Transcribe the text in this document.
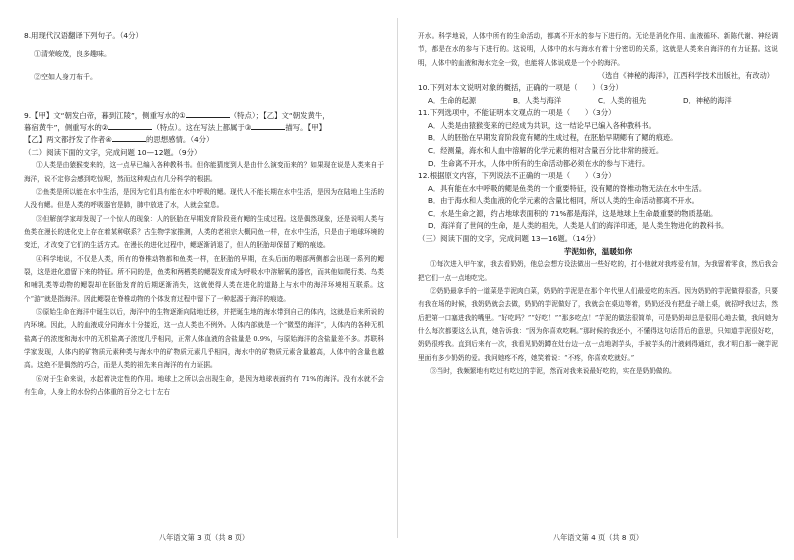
8.用现代汉语翻译下列句子。（4分）

①清荣峻茂，良多趣味。

②空如人身刀布千。

9.【甲】文“朝发白帝，暮到江陵”，侧重写水的①	（特点）；【乙】文“朝发黄牛，

暮宿黄牛”，侧重写水的②	（特点）。这在写法上都属于③	描写。【甲】

【乙】两文都抒发了作者④	的思想感情。（4分）

（二）阅读下面的文字，完成问题 10—12题。（9分）

①人类是由猿猴变来的，这一点早已编入各种教科书。但你能猜度到人是由什么演变而来的？如果现在说是人类来自于海洋，说不定你会感到吃惊呢，然而这种观点有几分科学的根据。

②鱼类是所以能在水中生活，是因为它们具有能在水中呼吸的鳃。现代人不能长期在水中生活，是因为在陆地上生活的人没有鳃。但是人类的呼吸器官是肺，肺中放进了水，人就会窒息。

③但解剖学家却发现了一个惊人的现象：人的胚胎在早期发育阶段竟有鳃的生成过程。这是偶然现象，还是说明人类与鱼类在漫长的进化史上存在着某种联系？古生物学家推测，人类的老祖宗大概同鱼一样，在水中生活，只是由于地球环境的变迁，才改变了它们的生活方式。在漫长的进化过程中，鳃逐渐消退了，但人的胚胎却保留了鳃的痕迹。

④科学地说，不仅是人类，所有的脊椎动物都和鱼类一样，在胚胎的早期，在头后面的咽部两侧都会出现一系列的鳃裂，这是进化遗留下来的特征。所不同的是，鱼类和两栖类的鳃裂发育成为呼吸水中溶解氧的器官，而其他如爬行类、鸟类和哺乳类等动物的鳃裂却在胚胎发育的后期逐渐消失，这就使得人类在进化的道路上与水中的海洋环境相互联系。这个“游”就是指海洋。因此鳃裂在脊椎动物的个体发育过程中留下了一种起源于海洋的痕迹。

⑤原始生命在海洋中诞生以后，海洋中的生物逐渐向陆地迁移，并把诞生地的海水带到自己的体内，这就是后来所说的内环境。因此，人的血液成分同海水十分接近，这一点人类也不例外。人体内部就是一个“微型的海洋”，人体内的各种无机盐离子的浓度和海水中的无机盐离子浓度几乎相同，正常人体血液的含盐量是 0.9%，与原始海洋的含盐量差不多。苏联科学家发现，人体内的矿物质元素种类与海水中的矿物质元素几乎相同，海水中的矿物质元素含量越高，人体中的含量也越高。这绝不是偶然的巧合，而是人类的祖先来自海洋的有力证据。

⑥对于生命来说，水起着决定性的作用。地球上之所以会出现生命，是因为地球表面约有 71%的海洋。没有水就不会有生命，人身上的水份约占体重的百分之七十左右

开水。科学地说，人体中所有的生命活动，都离不开水的参与下进行的。无论是消化作用、血液循环、新陈代谢、神经调节，都是在水的参与下进行的。这说明，人体中的水与海水有着十分密切的关系，这就是人类来自海洋的有力证据。这说明，人体中的血液和海水完全一致，也能将人体说成是一个小的海洋。

（选自《神秘的海洋》，江西科学技术出版社，有改动）

10.下列对本文说明对象的概括，正确的一项是（　　）（3分）

A．生命的起源	B．人类与海洋	C．人类的祖先	D．神秘的海洋

11.下列选项中，不能证明本文观点的一项是（　　）（3分）

A．人类是由猿猴变来的已经成为共识，这一结论早已编入各种教科书。

B．人的胚胎在早期发育阶段竟有鳃的生成过程，在胚胎早期鳃有了鳃的痕迹。

C．经测量，海水和人血中溶解的化学元素的相对含量百分比非常的接近。

D．生命离不开水，人体中所有的生命活动都必须在水的参与下进行。

12.根据原文内容，下列说法不正确的一项是（　　）（3分）

A．具有能在水中呼吸的鳃是鱼类的一个重要特征，没有鳃的脊椎动物无法在水中生活。

B．由于海水和人类血液的化学元素的含量比相同，所以人类的生命活动都离不开水。

C．水是生命之源，约占地球表面积的 71%都是海洋，这是地球上生命最重要的物质基础。

D．海洋育了世间的生命，是人类的祖先，人类是人们的海洋印迹，是人类生物进化的教科书。

（三）阅读下面的文字，完成问题 13—16题。（14分）

芋泥如你，温暖如你

①每次进入甲午家，我去看奶奶，他总会想方设法做出一些好吃的，打小他就对我疼爱有加，为我留着零食，然后我会把它们一点一点地吃完。

②奶奶最拿手的一道菜是芋泥肉白菜，奶奶的芋泥是在那个年代里人们最爱吃的东西。因为奶奶的芋泥做得很香，只要有我在场的时候，我奶奶就会去做，奶奶的芋泥做好了，我就会在桌边等着，奶奶还没有把盘子端上桌，就招呼我过去，然后把第一口塞进我的嘴里。“好吃吗？”“好吃！”“那多吃点！”芋泥的做法很简单，可是奶奶却总是很用心地去做，我问她为什么每次都要这么认真，她告诉我：“因为你喜欢吃啊。”那时候的我还小，不懂得这句话背后的意思，只知道芋泥很好吃，奶奶很疼我。直到后来有一次，我看见奶奶蹲在灶台边一点一点地剥芋头，手被芋头的汁液刺得通红，我才明白那一碗芋泥里面有多少奶奶的爱。我问她疼不疼，她笑着说：“不疼，你喜欢吃就好。”

③当时，我频繁地有吃过有吃过的芋泥，然而对我来说最好吃的，实在是奶奶做的。

八年语文第 3 页（共 8 页）	八年语文第 4 页（共 8 页）
